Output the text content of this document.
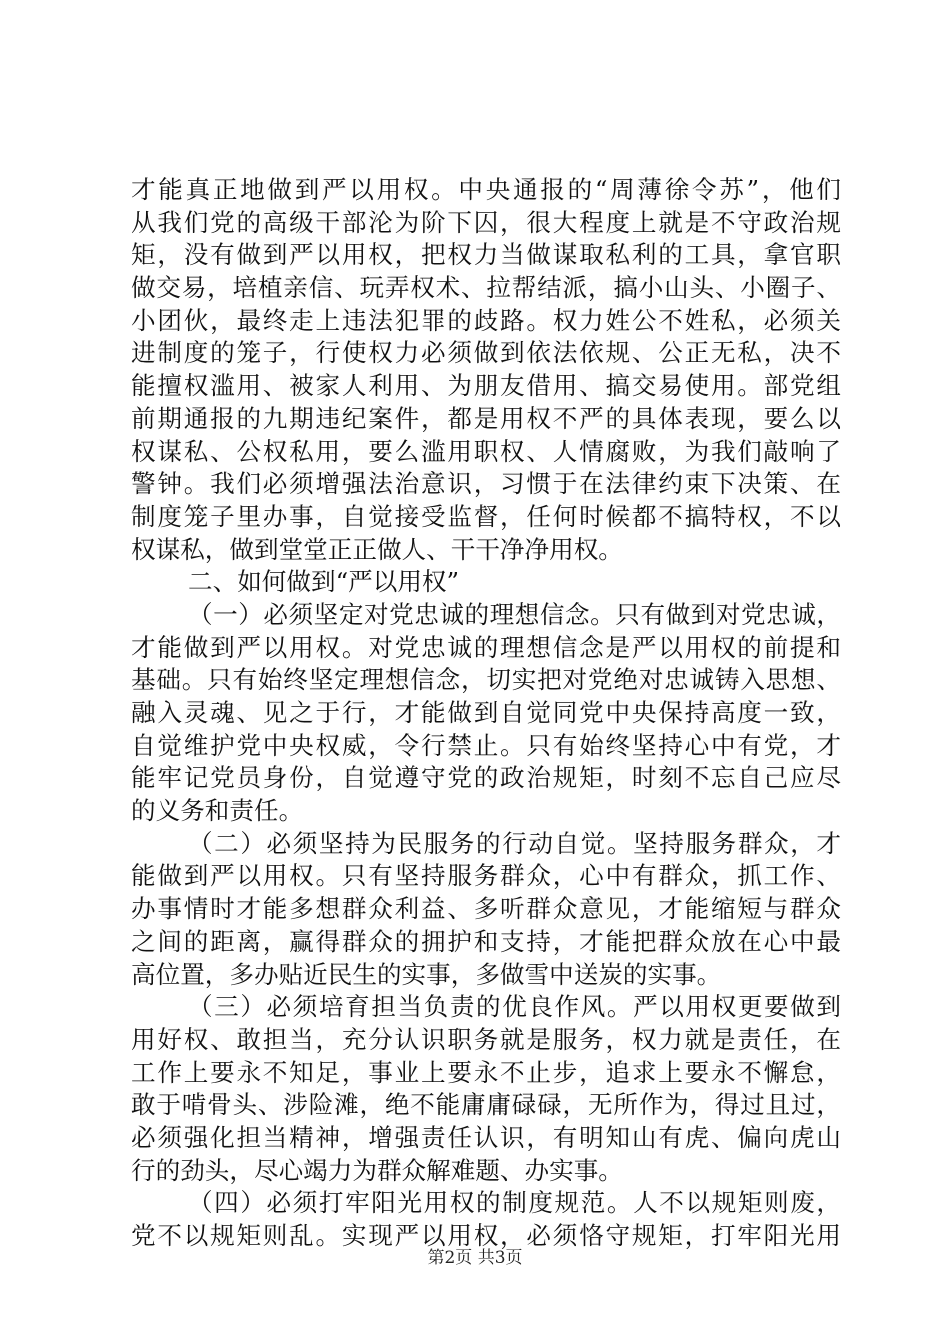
才能真正地做到严以用权。中央通报的“周薄徐令苏”，他们
从我们党的高级干部沦为阶下囚，很大程度上就是不守政治规
矩，没有做到严以用权，把权力当做谋取私利的工具，拿官职
做交易，培植亲信、玩弄权术、拉帮结派，搞小山头、小圈子、
小团伙，最终走上违法犯罪的歧路。权力姓公不姓私，必须关
进制度的笼子，行使权力必须做到依法依规、公正无私，决不
能擅权滥用、被家人利用、为朋友借用、搞交易使用。部党组
前期通报的九期违纪案件，都是用权不严的具体表现，要么以
权谋私、公权私用，要么滥用职权、人情腐败，为我们敲响了
警钟。我们必须增强法治意识，习惯于在法律约束下决策、在
制度笼子里办事，自觉接受监督，任何时候都不搞特权，不以
权谋私，做到堂堂正正做人、干干净净用权。
二、如何做到“严以用权”
（一）必须坚定对党忠诚的理想信念。只有做到对党忠诚，
才能做到严以用权。对党忠诚的理想信念是严以用权的前提和
基础。只有始终坚定理想信念，切实把对党绝对忠诚铸入思想、
融入灵魂、见之于行，才能做到自觉同党中央保持高度一致，
自觉维护党中央权威，令行禁止。只有始终坚持心中有党，才
能牢记党员身份，自觉遵守党的政治规矩，时刻不忘自己应尽
的义务和责任。
（二）必须坚持为民服务的行动自觉。坚持服务群众，才
能做到严以用权。只有坚持服务群众，心中有群众，抓工作、
办事情时才能多想群众利益、多听群众意见，才能缩短与群众
之间的距离，赢得群众的拥护和支持，才能把群众放在心中最
高位置，多办贴近民生的实事，多做雪中送炭的实事。
（三）必须培育担当负责的优良作风。严以用权更要做到
用好权、敢担当，充分认识职务就是服务，权力就是责任，在
工作上要永不知足，事业上要永不止步，追求上要永不懈怠，
敢于啃骨头、涉险滩，绝不能庸庸碌碌，无所作为，得过且过，
必须强化担当精神，增强责任认识，有明知山有虎、偏向虎山
行的劲头，尽心竭力为群众解难题、办实事。
（四）必须打牢阳光用权的制度规范。人不以规矩则废，
党不以规矩则乱。实现严以用权，必须恪守规矩，打牢阳光用
第2页 共3页
